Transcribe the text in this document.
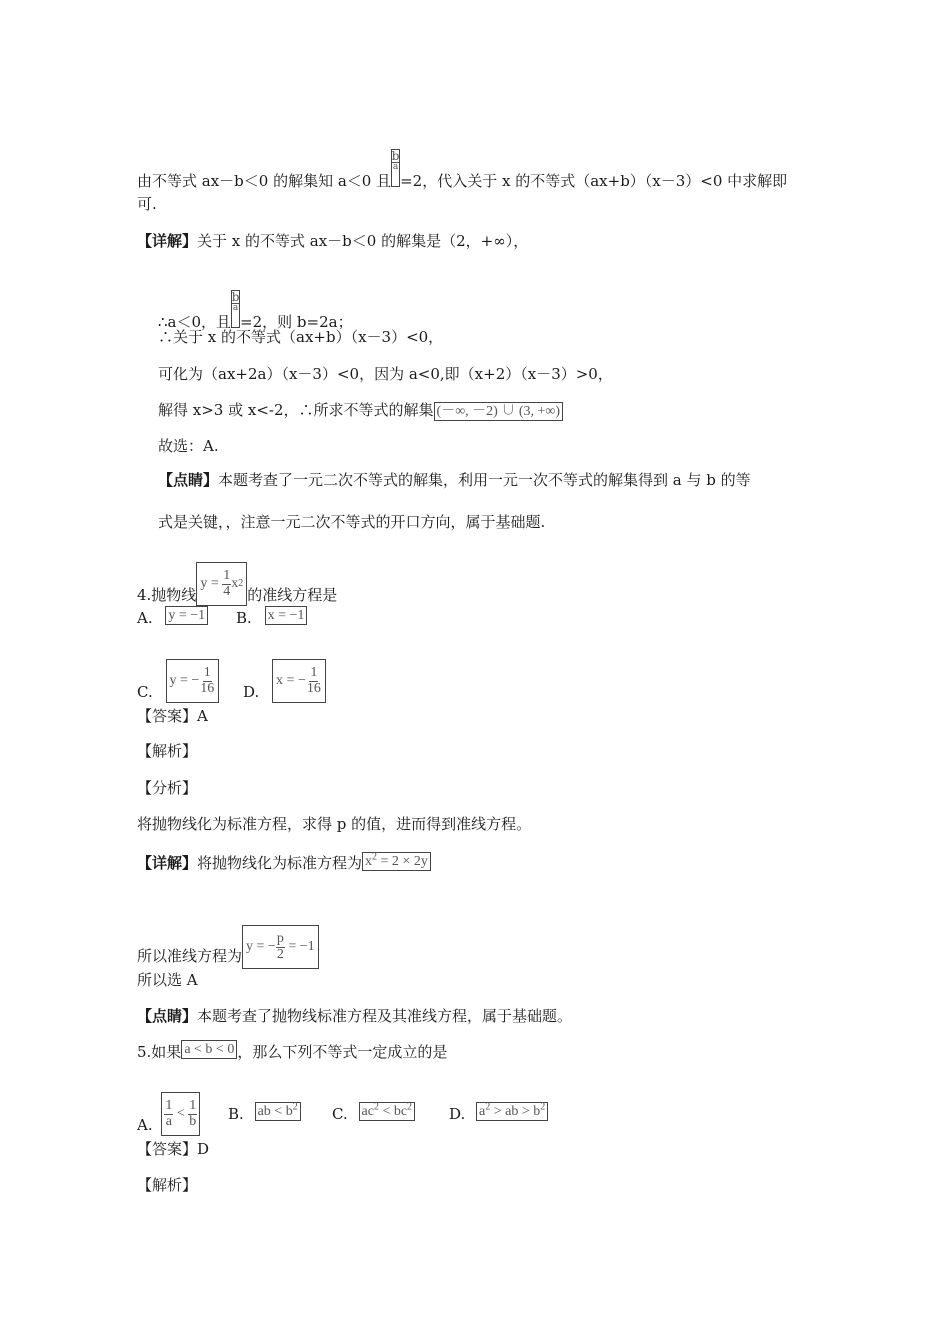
由不等式 ax－b＜0 的解集知 a＜0 且
b
a
=2，代入关于 x 的不等式（ax+b）（x－3）<0 中求解即
可.
【详解】关于 x 的不等式 ax－b＜0 的解集是（2，+∞），
∴a＜0，且
b
a
=2，则 b=2a；
∴关于 x 的不等式（ax+b）（x－3）<0，
可化为（ax+2a）（x－3）<0，因为 a<0,即（x+2）（x－3）>0，
解得 x>3 或 x<-2，∴所求不等式的解集 (－∞, －2) ∪ (3, +∞)
故选：A.
【点睛】本题考查了一元二次不等式的解集，利用一元一次不等式的解集得到 a 与 b 的等
式是关键，，注意一元二次不等式的开口方向，属于基础题.
4.抛物线
y =
$\frac{1}{4}$ x 2
的准线方程是
A. y = −1 B. x = −1
C.
y = − $\frac{1}{16} D$.
x = − $\frac{1}{16}$
【答案】A
【解析】
【分析】
将抛物线化为标准方程，求得 p 的值，进而得到准线方程。
【详解】将抛物线化为标准方程为 $x^2 = 2 \times 2y$
所以准线方程为
y = − $\frac{p}{2}$
= −1
所以选 A
【点睛】本题考查了抛物线标准方程及其准线方程，属于基础题。
5.如果 a < b < 0 ，那么下列不等式一定成立的是
A. $\frac{1}{a}$
<
$\frac{1}{b} B$. ab < $b^2$ C. $ac^2 < bc^2$ D. $a^2$ > ab > $b^2$
【答案】D
【解析】
